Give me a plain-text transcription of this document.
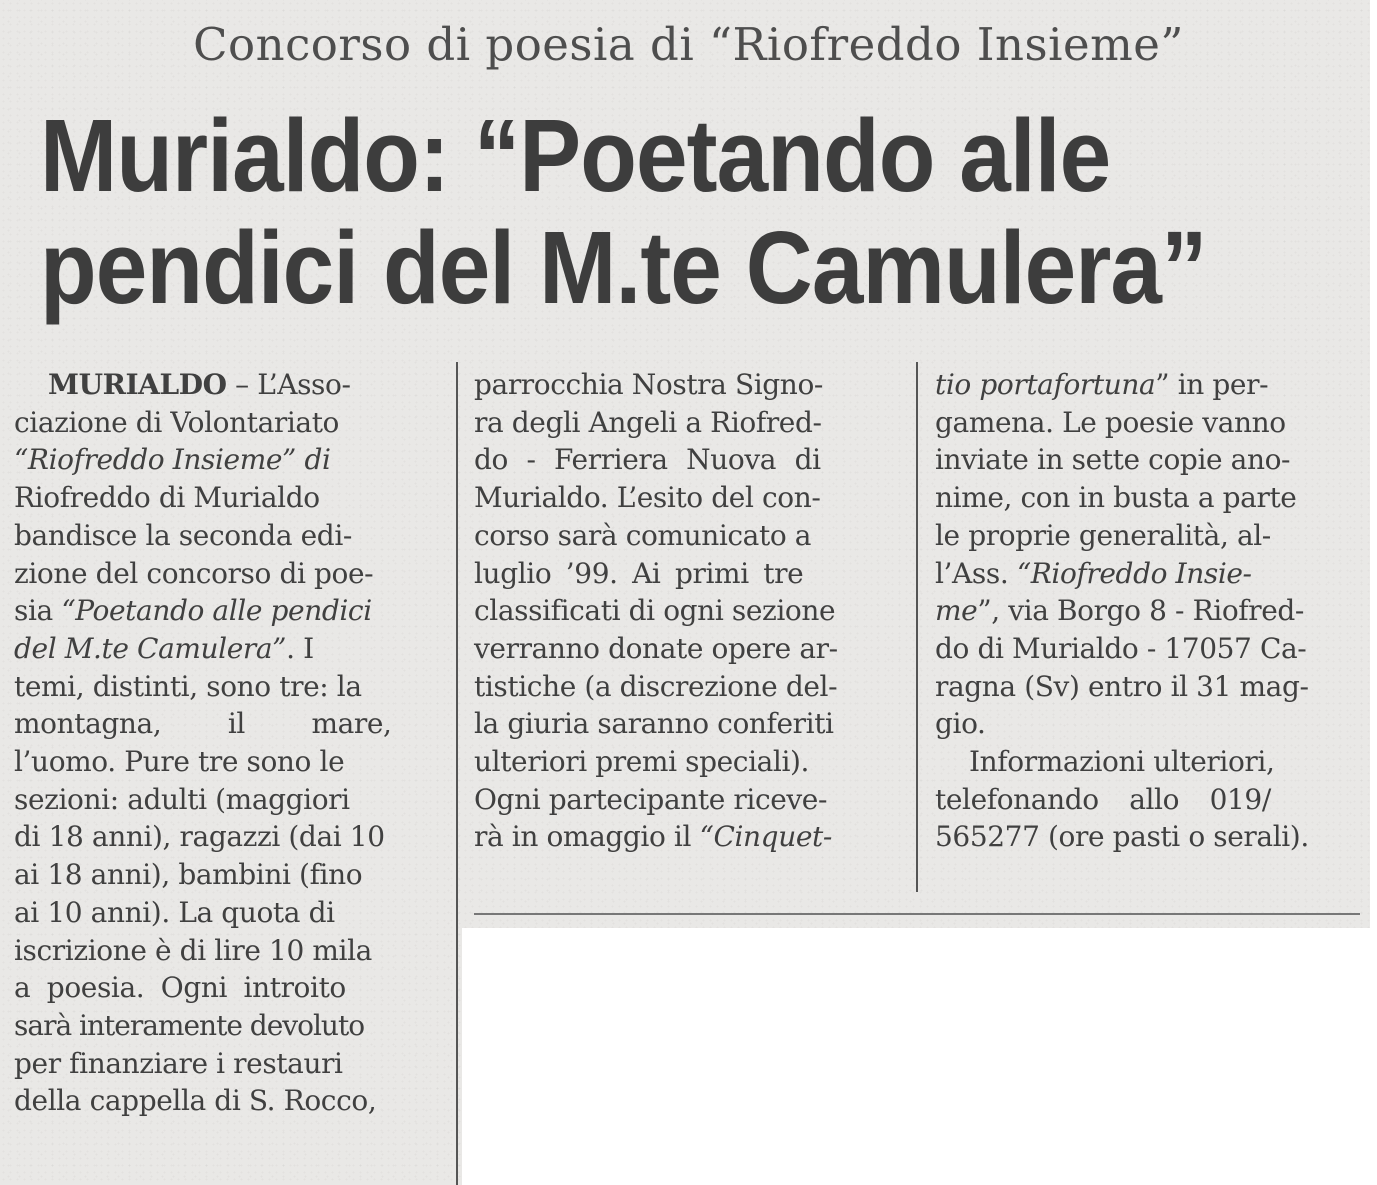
Concorso di poesia di “Riofreddo Insieme”
Murialdo: “Poetando alle
pendici del M.te Camulera”
MURIALDO – L’Asso-
ciazione di Volontariato
“Riofreddo Insieme” di
Riofreddo di Murialdo
bandisce la seconda edi-
zione del concorso di poe-
sia “Poetando alle pendici
del M.te Camulera”. I
temi, distinti, sono tre: la
montagna, il mare,
l’uomo. Pure tre sono le
sezioni: adulti (maggiori
di 18 anni), ragazzi (dai 10
ai 18 anni), bambini (fino
ai 10 anni). La quota di
iscrizione è di lire 10 mila
a poesia. Ogni introito
sarà interamente devoluto
per finanziare i restauri
della cappella di S. Rocco,
parrocchia Nostra Signo-
ra degli Angeli a Riofred-
do - Ferriera Nuova di
Murialdo. L’esito del con-
corso sarà comunicato a
luglio ’99. Ai primi tre
classificati di ogni sezione
verranno donate opere ar-
tistiche (a discrezione del-
la giuria saranno conferiti
ulteriori premi speciali).
Ogni partecipante riceve-
rà in omaggio il “Cinquet-
tio portafortuna” in per-
gamena. Le poesie vanno
inviate in sette copie ano-
nime, con in busta a parte
le proprie generalità, al-
l’Ass. “Riofreddo Insie-
me”, via Borgo 8 - Riofred-
do di Murialdo - 17057 Ca-
ragna (Sv) entro il 31 mag-
gio.
Informazioni ulteriori,
telefonando allo 019/
565277 (ore pasti o serali).
